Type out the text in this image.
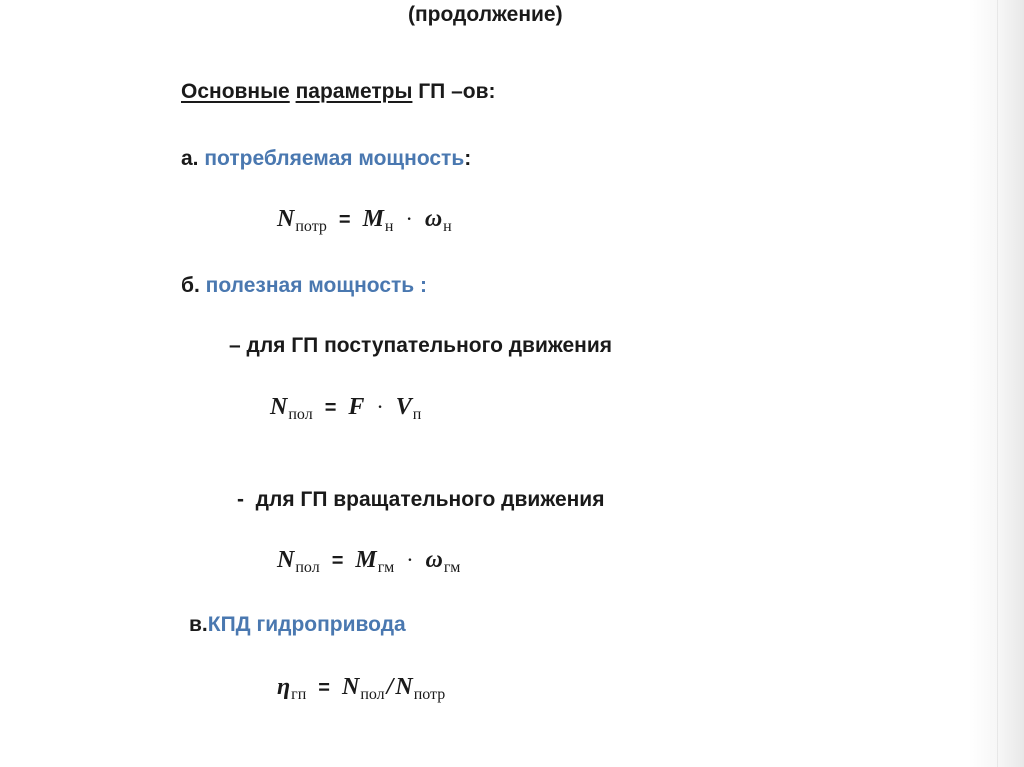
(продолжение)
Основные параметры ГП –ов:
а. потребляемая мощность:
$N_{потр} = M_н \cdot \omega_н$
б. полезная мощность :
– для ГП поступательного движения
$N_{пол} = F \cdot V_п$
-  для ГП вращательного движения
$N_{пол} = M_{гм} \cdot \omega_{гм}$
в.КПД гидропривода
$\eta_{гп} = N_{пол}/N_{потр}$
